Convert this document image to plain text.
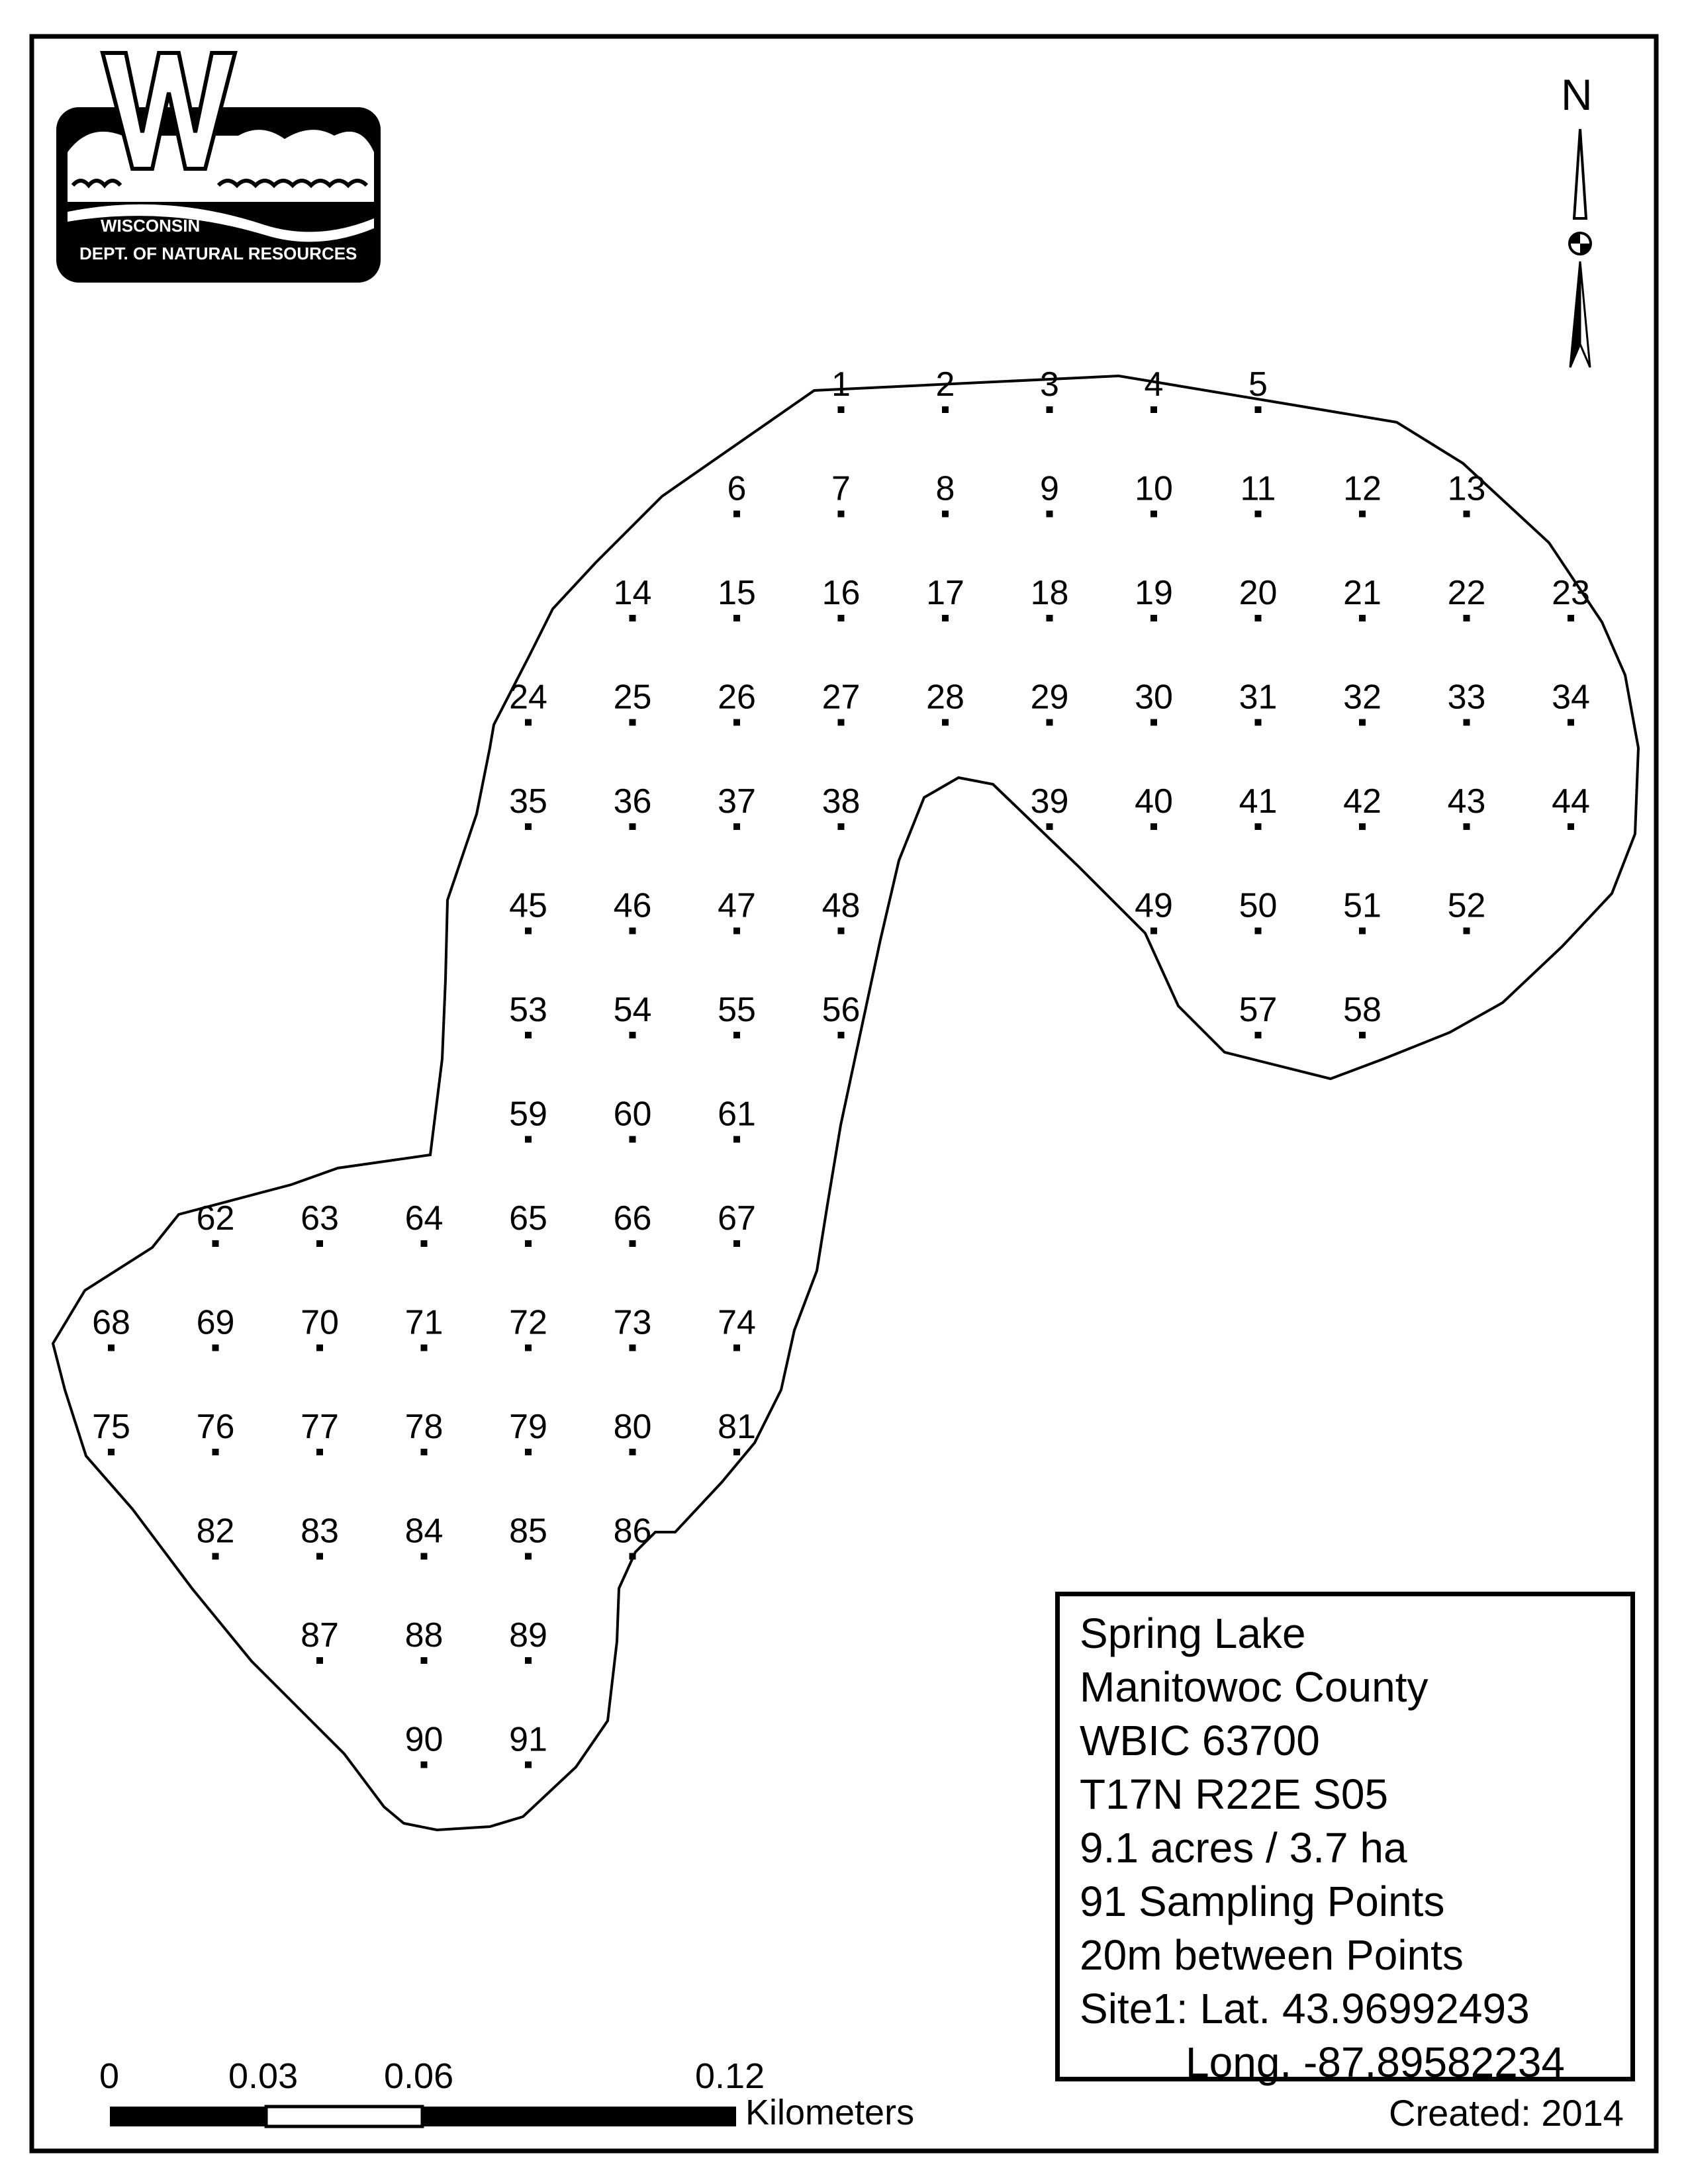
WISCONSIN
DEPT. OF NATURAL RESOURCES
1 2 3 4 5
6 7 8 9 10 11 12 13
14 15 16 17 18 19 20 21 22 23
24 25 26 27 28 29 30 31 32 33 34
35 36 37 38	39 40 41 42 43 44
45 46 47 48	49 50 51 52
53 54 55 56	57 58
59 60 61
62 63 64 65 66 67
68 69 70 71 72 73 74
75 76 77 78 79 80 81
82 83 84 85 86
87 88 89
90 91
N
0	0.03 0.06	0.12
Kilometers
Spring Lake
Manitowoc County
WBIC 63700
T17N R22E S05
9.1 acres / 3.7 ha
91 Sampling Points
20m between Points
Site1: Lat. 43.96992493
Long. -87.89582234
Created: 2014
